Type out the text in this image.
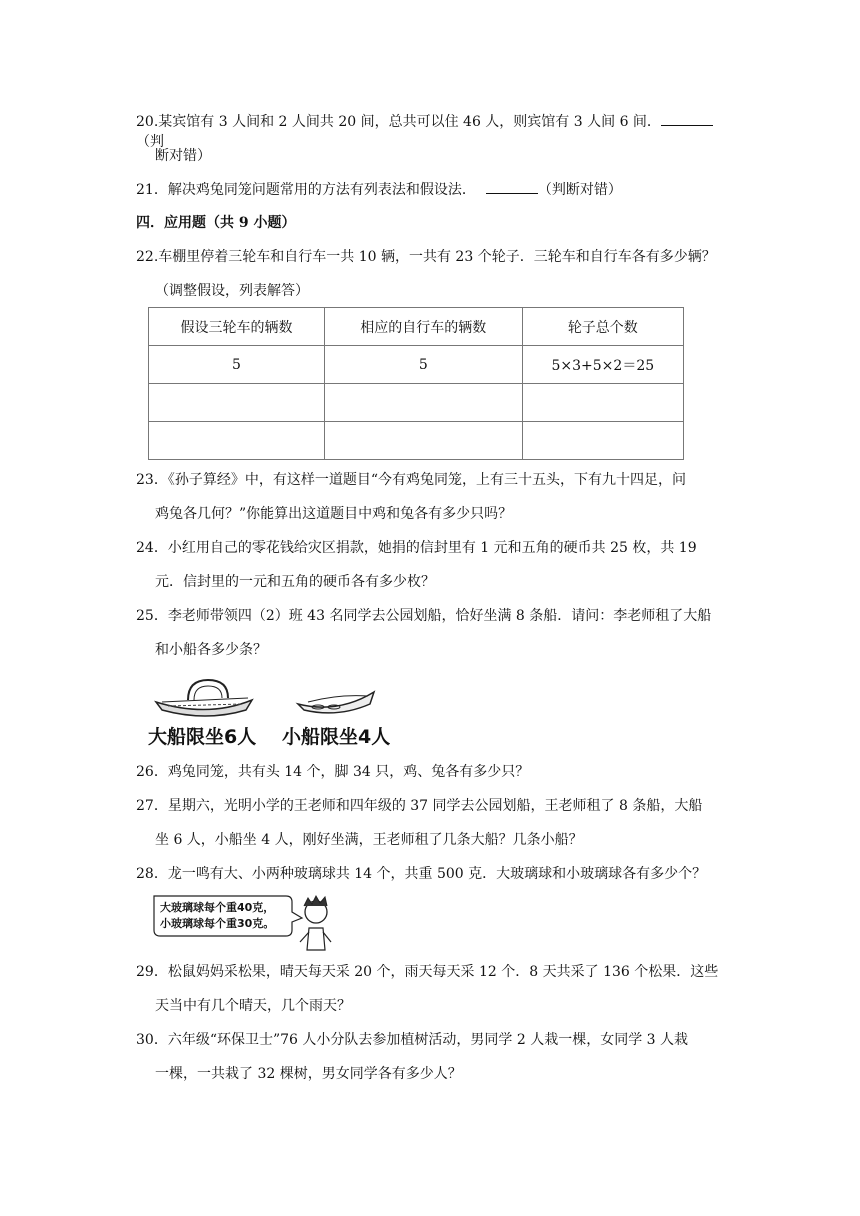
20.某宾馆有 3 人间和 2 人间共 20 间，总共可以住 46 人，则宾馆有 3 人间 6 间．（判
断对错）
21．解决鸡兔同笼问题常用的方法有列表法和假设法．	（判断对错）
四．应用题（共 9 小题）
22.车棚里停着三轮车和自行车一共 10 辆，一共有 23 个轮子．三轮车和自行车各有多少辆？
（调整假设，列表解答）
假设三轮车的辆数	相应的自行车的辆数	轮子总个数
5	5	5×3+5×2＝25

23．《孙子算经》中，有这样一道题目“今有鸡兔同笼，上有三十五头，下有九十四足，问
鸡兔各几何？”你能算出这道题目中鸡和兔各有多少只吗？
24．小红用自己的零花钱给灾区捐款，她捐的信封里有 1 元和五角的硬币共 25 枚，共 19
元．信封里的一元和五角的硬币各有多少枚？
25．李老师带领四（2）班 43 名同学去公园划船，恰好坐满 8 条船．请问：李老师租了大船
和小船各多少条？
大船限坐6人 小船限坐4人
26．鸡兔同笼，共有头 14 个，脚 34 只，鸡、兔各有多少只？
27．星期六，光明小学的王老师和四年级的 37 同学去公园划船，王老师租了 8 条船，大船
坐 6 人，小船坐 4 人，刚好坐满，王老师租了几条大船？几条小船？
28．龙一鸣有大、小两种玻璃球共 14 个，共重 500 克．大玻璃球和小玻璃球各有多少个？
大玻璃球每个重40克，
小玻璃球每个重30克。
29．松鼠妈妈采松果，晴天每天采 20 个，雨天每天采 12 个．8 天共采了 136 个松果．这些
天当中有几个晴天，几个雨天？
30．六年级“环保卫士”76 人小分队去参加植树活动，男同学 2 人栽一棵，女同学 3 人栽
一棵，一共栽了 32 棵树，男女同学各有多少人？
